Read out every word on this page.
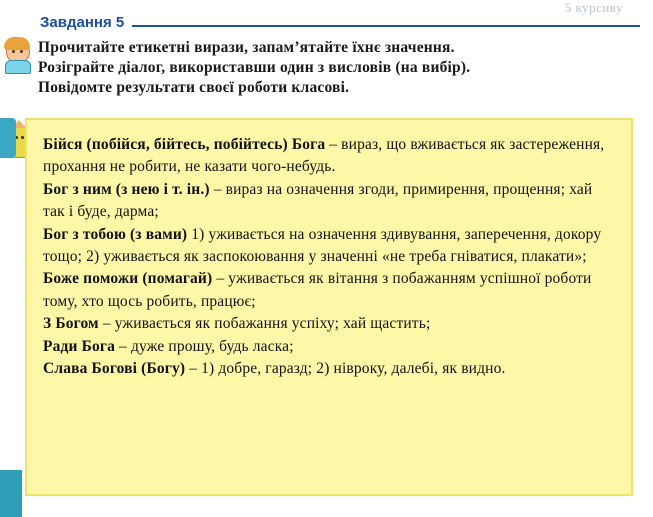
5 курсиву
Завдання 5
Прочитайте етикетні вирази, запам’ятайте їхнє значення.
Розіграйте діалог, використавши один з висловів (на вибір).
Повідомте результати своєї роботи класові.

Бійся (побійся, бійтесь, побійтесь) Бога – вираз, що вживається як застереження, прохання не робити, не казати чого-небудь.

Бог з ним (з нею і т. ін.) – вираз на означення згоди, примирення, прощення; хай так і буде, дарма;

Бог з тобою (з вами) 1) уживається на означення здивування, заперечення, докору тощо; 2) уживається як заспокоювання у значенні «не треба гніватися, плакати»;

Боже поможи (помагай) – уживається як вітання з побажанням успішної роботи тому, хто щось робить, працює;

З Богом – уживається як побажання успіху; хай щастить;

Ради Бога – дуже прошу, будь ласка;

Слава Богові (Богу) – 1) добре, гаразд; 2) нівроку, далебі, як видно.
